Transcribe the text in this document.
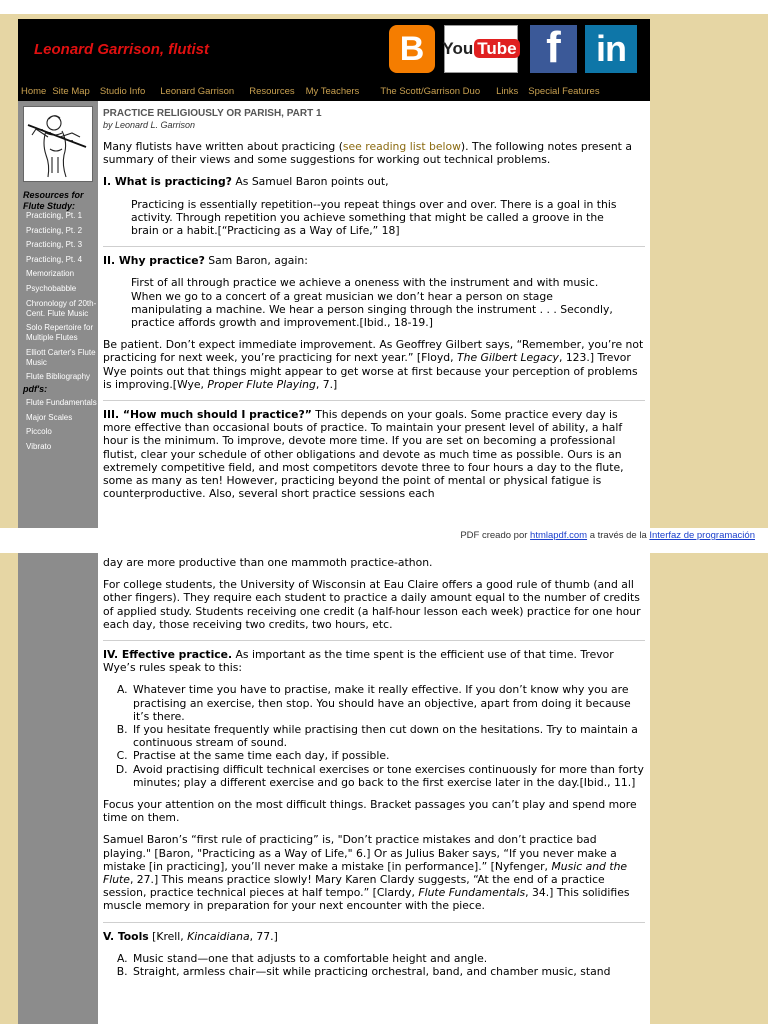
Leonard Garrison, flutist	B	You Tube f in
Home Site Map Studio Info Leonard Garrison Resources My Teachers The Scott/Garrison Duo Links Special Features
Resources for Flute Study:
Practicing, Pt. 1
Practicing, Pt. 2
Practicing, Pt. 3
Practicing, Pt. 4
Memorization
Psychobabble
Chronology of 20th-Cent. Flute Music
Solo Repertoire for Multiple Flutes
Elliott Carter's Flute Music
Flute Bibliography
pdf's:
Flute Fundamentals
Major Scales
Piccolo
Vibrato
PRACTICE RELIGIOUSLY OR PARISH, PART 1
by Leonard L. Garrison

Many flutists have written about practicing (see reading list below). The following notes present a summary of their views and some suggestions for working out technical problems.

I. What is practicing? As Samuel Baron points out,

Practicing is essentially repetition--you repeat things over and over. There is a goal in this activity. Through repetition you achieve something that might be called a groove in the brain or a habit.[“Practicing as a Way of Life,” 18]

II. Why practice? Sam Baron, again:

First of all through practice we achieve a oneness with the instrument and with music. When we go to a concert of a great musician we don’t hear a person on stage manipulating a machine. We hear a person singing through the instrument . . . Secondly, practice affords growth and improvement.[Ibid., 18-19.]

Be patient. Don’t expect immediate improvement. As Geoffrey Gilbert says, “Remember, you’re not practicing for next week, you’re practicing for next year.” [Floyd, The Gilbert Legacy, 123.] Trevor Wye points out that things might appear to get worse at first because your perception of problems is improving.[Wye, Proper Flute Playing, 7.]

III. “How much should I practice?” This depends on your goals. Some practice every day is more effective than occasional bouts of practice. To maintain your present level of ability, a half hour is the minimum. To improve, devote more time. If you are set on becoming a professional flutist, clear your schedule of other obligations and devote as much time as possible. Ours is an extremely competitive field, and most competitors devote three to four hours a day to the flute, some as many as ten! However, practicing beyond the point of mental or physical fatigue is counterproductive. Also, several short practice sessions each

PDF creado por htmlapdf.com a través de la Interfaz de programación

day are more productive than one mammoth practice-athon.

For college students, the University of Wisconsin at Eau Claire offers a good rule of thumb (and all other fingers). They require each student to practice a daily amount equal to the number of credits of applied study. Students receiving one credit (a half-hour lesson each week) practice for one hour each day, those receiving two credits, two hours, etc.

IV. Effective practice. As important as the time spent is the efficient use of that time. Trevor Wye’s rules speak to this:

A. Whatever time you have to practise, make it really effective. If you don’t know why you are practising an exercise, then stop. You should have an objective, apart from doing it because it’s there.
B. If you hesitate frequently while practising then cut down on the hesitations. Try to maintain a continuous stream of sound.
C. Practise at the same time each day, if possible.
D. Avoid practising difficult technical exercises or tone exercises continuously for more than forty minutes; play a different exercise and go back to the first exercise later in the day.[Ibid., 11.]

Focus your attention on the most difficult things. Bracket passages you can’t play and spend more time on them.

Samuel Baron’s “first rule of practicing” is, "Don’t practice mistakes and don’t practice bad playing." [Baron, "Practicing as a Way of Life," 6.] Or as Julius Baker says, “If you never make a mistake [in practicing], you’ll never make a mistake [in performance].” [Nyfenger, Music and the Flute, 27.] This means practice slowly! Mary Karen Clardy suggests, “At the end of a practice session, practice technical pieces at half tempo.” [Clardy, Flute Fundamentals, 34.] This solidifies muscle memory in preparation for your next encounter with the piece.

V. Tools [Krell, Kincaidiana, 77.]

A. Music stand—one that adjusts to a comfortable height and angle.
B. Straight, armless chair—sit while practicing orchestral, band, and chamber music, stand
